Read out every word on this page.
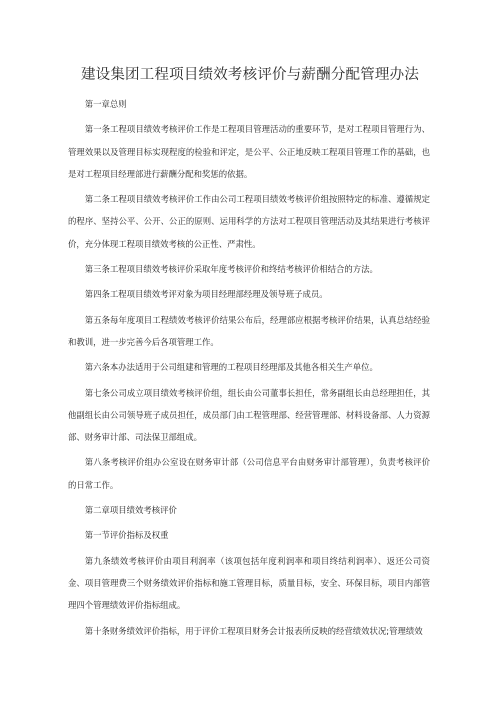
建设集团工程项目绩效考核评价与薪酬分配管理办法

第一章总则

第一条工程项目绩效考核评价工作是工程项目管理活动的重要环节，是对工程项目管理行为、管理效果以及管理目标实现程度的检验和评定，是公平、公正地反映工程项目管理工作的基础，也是对工程项目经理部进行薪酬分配和奖惩的依据。

第二条工程项目绩效考核评价工作由公司工程项目绩效考核评价组按照特定的标准、遵循规定的程序、坚持公平、公开、公正的原则、运用科学的方法对工程项目管理活动及其结果进行考核评价，充分体现工程项目绩效考核的公正性、严肃性。

第三条工程项目绩效考核评价采取年度考核评价和终结考核评价相结合的方法。

第四条工程项目绩效考评对象为项目经理部经理及领导班子成员。

第五条每年度项目工程绩效考核评价结果公布后，经理部应根据考核评价结果，认真总结经验和教训，进一步完善今后各项管理工作。

第六条本办法适用于公司组建和管理的工程项目经理部及其他各相关生产单位。

第七条公司成立项目绩效考核评价组，组长由公司董事长担任，常务副组长由总经理担任，其他副组长由公司领导班子成员担任，成员部门由工程管理部、经营管理部、材料设备部、人力资源部、财务审计部、司法保卫部组成。

第八条考核评价组办公室设在财务审计部（公司信息平台由财务审计部管理），负责考核评价的日常工作。

第二章项目绩效考核评价

第一节评价指标及权重

第九条绩效考核评价由项目利润率（该项包括年度利润率和项目终结利润率）、返还公司资金、项目管理费三个财务绩效评价指标和施工管理目标，质量目标，安全、环保目标，项目内部管理四个管理绩效评价指标组成。

第十条财务绩效评价指标，用于评价工程项目财务会计报表所反映的经营绩效状况;管理绩效
